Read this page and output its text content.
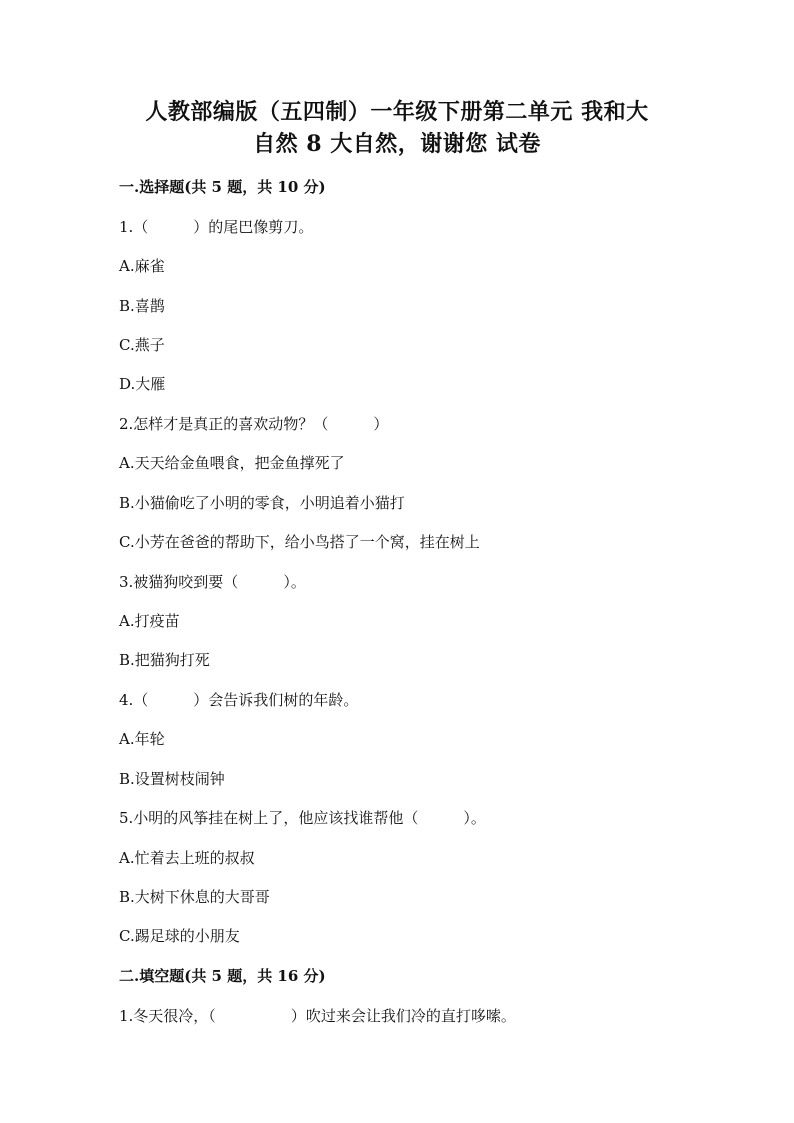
人教部编版（五四制）一年级下册第二单元 我和大
自然 8 大自然，谢谢您 试卷
一.选择题(共 5 题，共 10 分)
1.（　　　）的尾巴像剪刀。
A.麻雀
B.喜鹊
C.燕子
D.大雁
2.怎样才是真正的喜欢动物？（　　　）
A.天天给金鱼喂食，把金鱼撑死了
B.小猫偷吃了小明的零食，小明追着小猫打
C.小芳在爸爸的帮助下，给小鸟搭了一个窝，挂在树上
3.被猫狗咬到要（　　　）。
A.打疫苗
B.把猫狗打死
4.（　　　）会告诉我们树的年龄。
A.年轮
B.设置树枝闹钟
5.小明的风筝挂在树上了，他应该找谁帮他（　　　）。
A.忙着去上班的叔叔
B.大树下休息的大哥哥
C.踢足球的小朋友
二.填空题(共 5 题，共 16 分)
1.冬天很冷，（　　　　　）吹过来会让我们冷的直打哆嗦。
